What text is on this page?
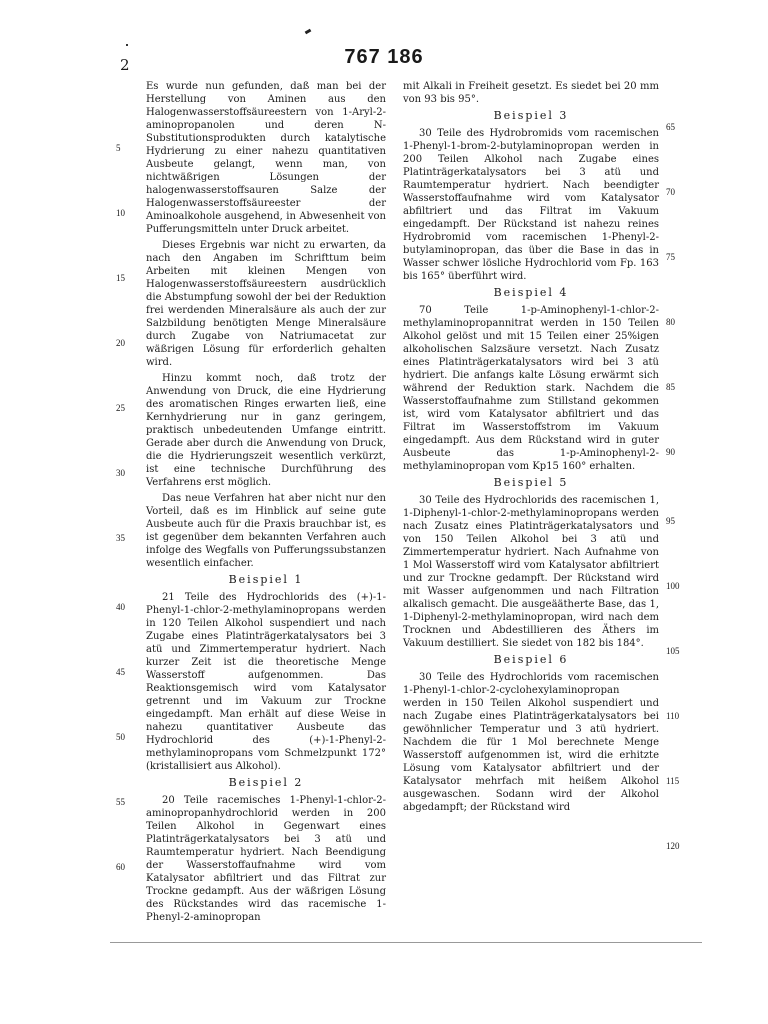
2	767 186

Es wurde nun gefunden, daß man bei der Herstellung von Aminen aus den Halogenwasserstoffsäureestern von 1-Aryl-2-aminopropanolen und deren N-Substitutionsprodukten durch katalytische Hydrierung zu einer nahezu quantitativen Ausbeute gelangt, wenn man, von nichtwäßrigen Lösungen der halogenwasserstoffsauren Salze der Halogenwasserstoffsäureester der Aminoalkohole ausgehend, in Abwesenheit von Pufferungsmitteln unter Druck arbeitet.

Dieses Ergebnis war nicht zu erwarten, da nach den Angaben im Schrifttum beim Arbeiten mit kleinen Mengen von Halogenwasserstoffsäureestern ausdrücklich die Abstumpfung sowohl der bei der Reduktion frei werdenden Mineralsäure als auch der zur Salzbildung benötigten Menge Mineralsäure durch Zugabe von Natriumacetat zur wäßrigen Lösung für erforderlich gehalten wird.

Hinzu kommt noch, daß trotz der Anwendung von Druck, die eine Hydrierung des aromatischen Ringes erwarten ließ, eine Kernhydrierung nur in ganz geringem, praktisch unbedeutenden Umfange eintritt. Gerade aber durch die Anwendung von Druck, die die Hydrierungszeit wesentlich verkürzt, ist eine technische Durchführung des Verfahrens erst möglich.

Das neue Verfahren hat aber nicht nur den Vorteil, daß es im Hinblick auf seine gute Ausbeute auch für die Praxis brauchbar ist, es ist gegenüber dem bekannten Verfahren auch infolge des Wegfalls von Pufferungssubstanzen wesentlich einfacher.

Beispiel 1

21 Teile des Hydrochlorids des (+)-1-Phenyl-1-chlor-2-methylaminopropans werden in 120 Teilen Alkohol suspendiert und nach Zugabe eines Platinträgerkatalysators bei 3 atü und Zimmertemperatur hydriert. Nach kurzer Zeit ist die theoretische Menge Wasserstoff aufgenommen. Das Reaktionsgemisch wird vom Katalysator getrennt und im Vakuum zur Trockne eingedampft. Man erhält auf diese Weise in nahezu quantitativer Ausbeute das Hydrochlorid des (+)-1-Phenyl-2-methylaminopropans vom Schmelzpunkt 172° (kristallisiert aus Alkohol).

Beispiel 2

20 Teile racemisches 1-Phenyl-1-chlor-2-aminopropanhydrochlorid werden in 200 Teilen Alkohol in Gegenwart eines Platinträgerkatalysators bei 3 atü und Raumtemperatur hydriert. Nach Beendigung der Wasserstoffaufnahme wird vom Katalysator abfiltriert und das Filtrat zur Trockne gedampft. Aus der wäßrigen Lösung des Rückstandes wird das racemische 1-Phenyl-2-aminopropan

mit Alkali in Freiheit gesetzt. Es siedet bei 20 mm von 93 bis 95°.

Beispiel 3

30 Teile des Hydrobromids vom racemischen 1-Phenyl-1-brom-2-butylaminopropan werden in 200 Teilen Alkohol nach Zugabe eines Platinträgerkatalysators bei 3 atü und Raumtemperatur hydriert. Nach beendigter Wasserstoffaufnahme wird vom Katalysator abfiltriert und das Filtrat im Vakuum eingedampft. Der Rückstand ist nahezu reines Hydrobromid vom racemischen 1-Phenyl-2-butylaminopropan, das über die Base in das in Wasser schwer lösliche Hydrochlorid vom Fp. 163 bis 165° überführt wird.

Beispiel 4

70 Teile 1-p-Aminophenyl-1-chlor-2-methylaminopropannitrat werden in 150 Teilen Alkohol gelöst und mit 15 Teilen einer 25%igen alkoholischen Salzsäure versetzt. Nach Zusatz eines Platinträgerkatalysators wird bei 3 atü hydriert. Die anfangs kalte Lösung erwärmt sich während der Reduktion stark. Nachdem die Wasserstoffaufnahme zum Stillstand gekommen ist, wird vom Katalysator abfiltriert und das Filtrat im Wasserstoffstrom im Vakuum eingedampft. Aus dem Rückstand wird in guter Ausbeute das 1-p-Aminophenyl-2-methylaminopropan vom Kp15 160° erhalten.

Beispiel 5

30 Teile des Hydrochlorids des racemischen 1, 1-Diphenyl-1-chlor-2-methylaminopropans werden nach Zusatz eines Platinträgerkatalysators und von 150 Teilen Alkohol bei 3 atü und Zimmertemperatur hydriert. Nach Aufnahme von 1 Mol Wasserstoff wird vom Katalysator abfiltriert und zur Trockne gedampft. Der Rückstand wird mit Wasser aufgenommen und nach Filtration alkalisch gemacht. Die ausgeäätherte Base, das 1, 1-Diphenyl-2-methylaminopropan, wird nach dem Trocknen und Abdestillieren des Äthers im Vakuum destilliert. Sie siedet von 182 bis 184°.

Beispiel 6

30 Teile des Hydrochlorids vom racemischen 1-Phenyl-1-chlor-2-cyclohexylaminopropan werden in 150 Teilen Alkohol suspendiert und nach Zugabe eines Platinträgerkatalysators bei gewöhnlicher Temperatur und 3 atü hydriert. Nachdem die für 1 Mol berechnete Menge Wasserstoff aufgenommen ist, wird die erhitzte Lösung vom Katalysator abfiltriert und der Katalysator mehrfach mit heißem Alkohol ausgewaschen. Sodann wird der Alkohol abgedampft; der Rückstand wird

5
10
15
20
25
30
35
40
45
50
55
60
65
70
75
80
85
90
95
100
105
110
115
120
